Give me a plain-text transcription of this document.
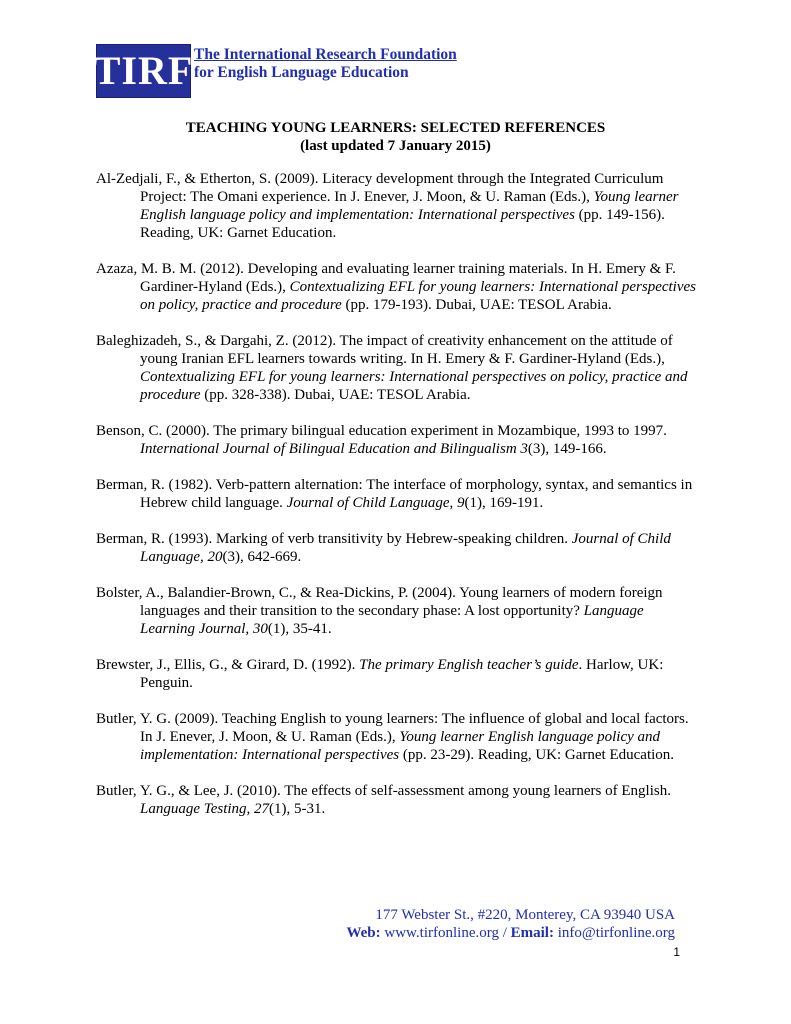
TIRF The International Research Foundation
for English Language Education
TEACHING YOUNG LEARNERS: SELECTED REFERENCES
(last updated 7 January 2015)

Al-Zedjali, F., & Etherton, S. (2009). Literacy development through the Integrated Curriculum Project: The Omani experience. In J. Enever, J. Moon, & U. Raman (Eds.), Young learner English language policy and implementation: International perspectives (pp. 149-156). Reading, UK: Garnet Education.

Azaza, M. B. M. (2012). Developing and evaluating learner training materials. In H. Emery & F. Gardiner-Hyland (Eds.), Contextualizing EFL for young learners: International perspectives on policy, practice and procedure (pp. 179-193). Dubai, UAE: TESOL Arabia.

Baleghizadeh, S., & Dargahi, Z. (2012). The impact of creativity enhancement on the attitude of young Iranian EFL learners towards writing. In H. Emery & F. Gardiner-Hyland (Eds.), Contextualizing EFL for young learners: International perspectives on policy, practice and procedure (pp. 328-338). Dubai, UAE: TESOL Arabia.

Benson, C. (2000). The primary bilingual education experiment in Mozambique, 1993 to 1997. International Journal of Bilingual Education and Bilingualism 3(3), 149-166.

Berman, R. (1982). Verb-pattern alternation: The interface of morphology, syntax, and semantics in Hebrew child language. Journal of Child Language, 9(1), 169-191.

Berman, R. (1993). Marking of verb transitivity by Hebrew-speaking children. Journal of Child Language, 20(3), 642-669.

Bolster, A., Balandier-Brown, C., & Rea-Dickins, P. (2004). Young learners of modern foreign languages and their transition to the secondary phase: A lost opportunity? Language Learning Journal, 30(1), 35-41.

Brewster, J., Ellis, G., & Girard, D. (1992). The primary English teacher’s guide. Harlow, UK: Penguin.

Butler, Y. G. (2009). Teaching English to young learners: The influence of global and local factors. In J. Enever, J. Moon, & U. Raman (Eds.), Young learner English language policy and implementation: International perspectives (pp. 23-29). Reading, UK: Garnet Education.

Butler, Y. G., & Lee, J. (2010). The effects of self-assessment among young learners of English. Language Testing, 27(1), 5-31.

177 Webster St., #220, Monterey, CA 93940 USA
Web: www.tirfonline.org / Email: info@tirfonline.org
1
